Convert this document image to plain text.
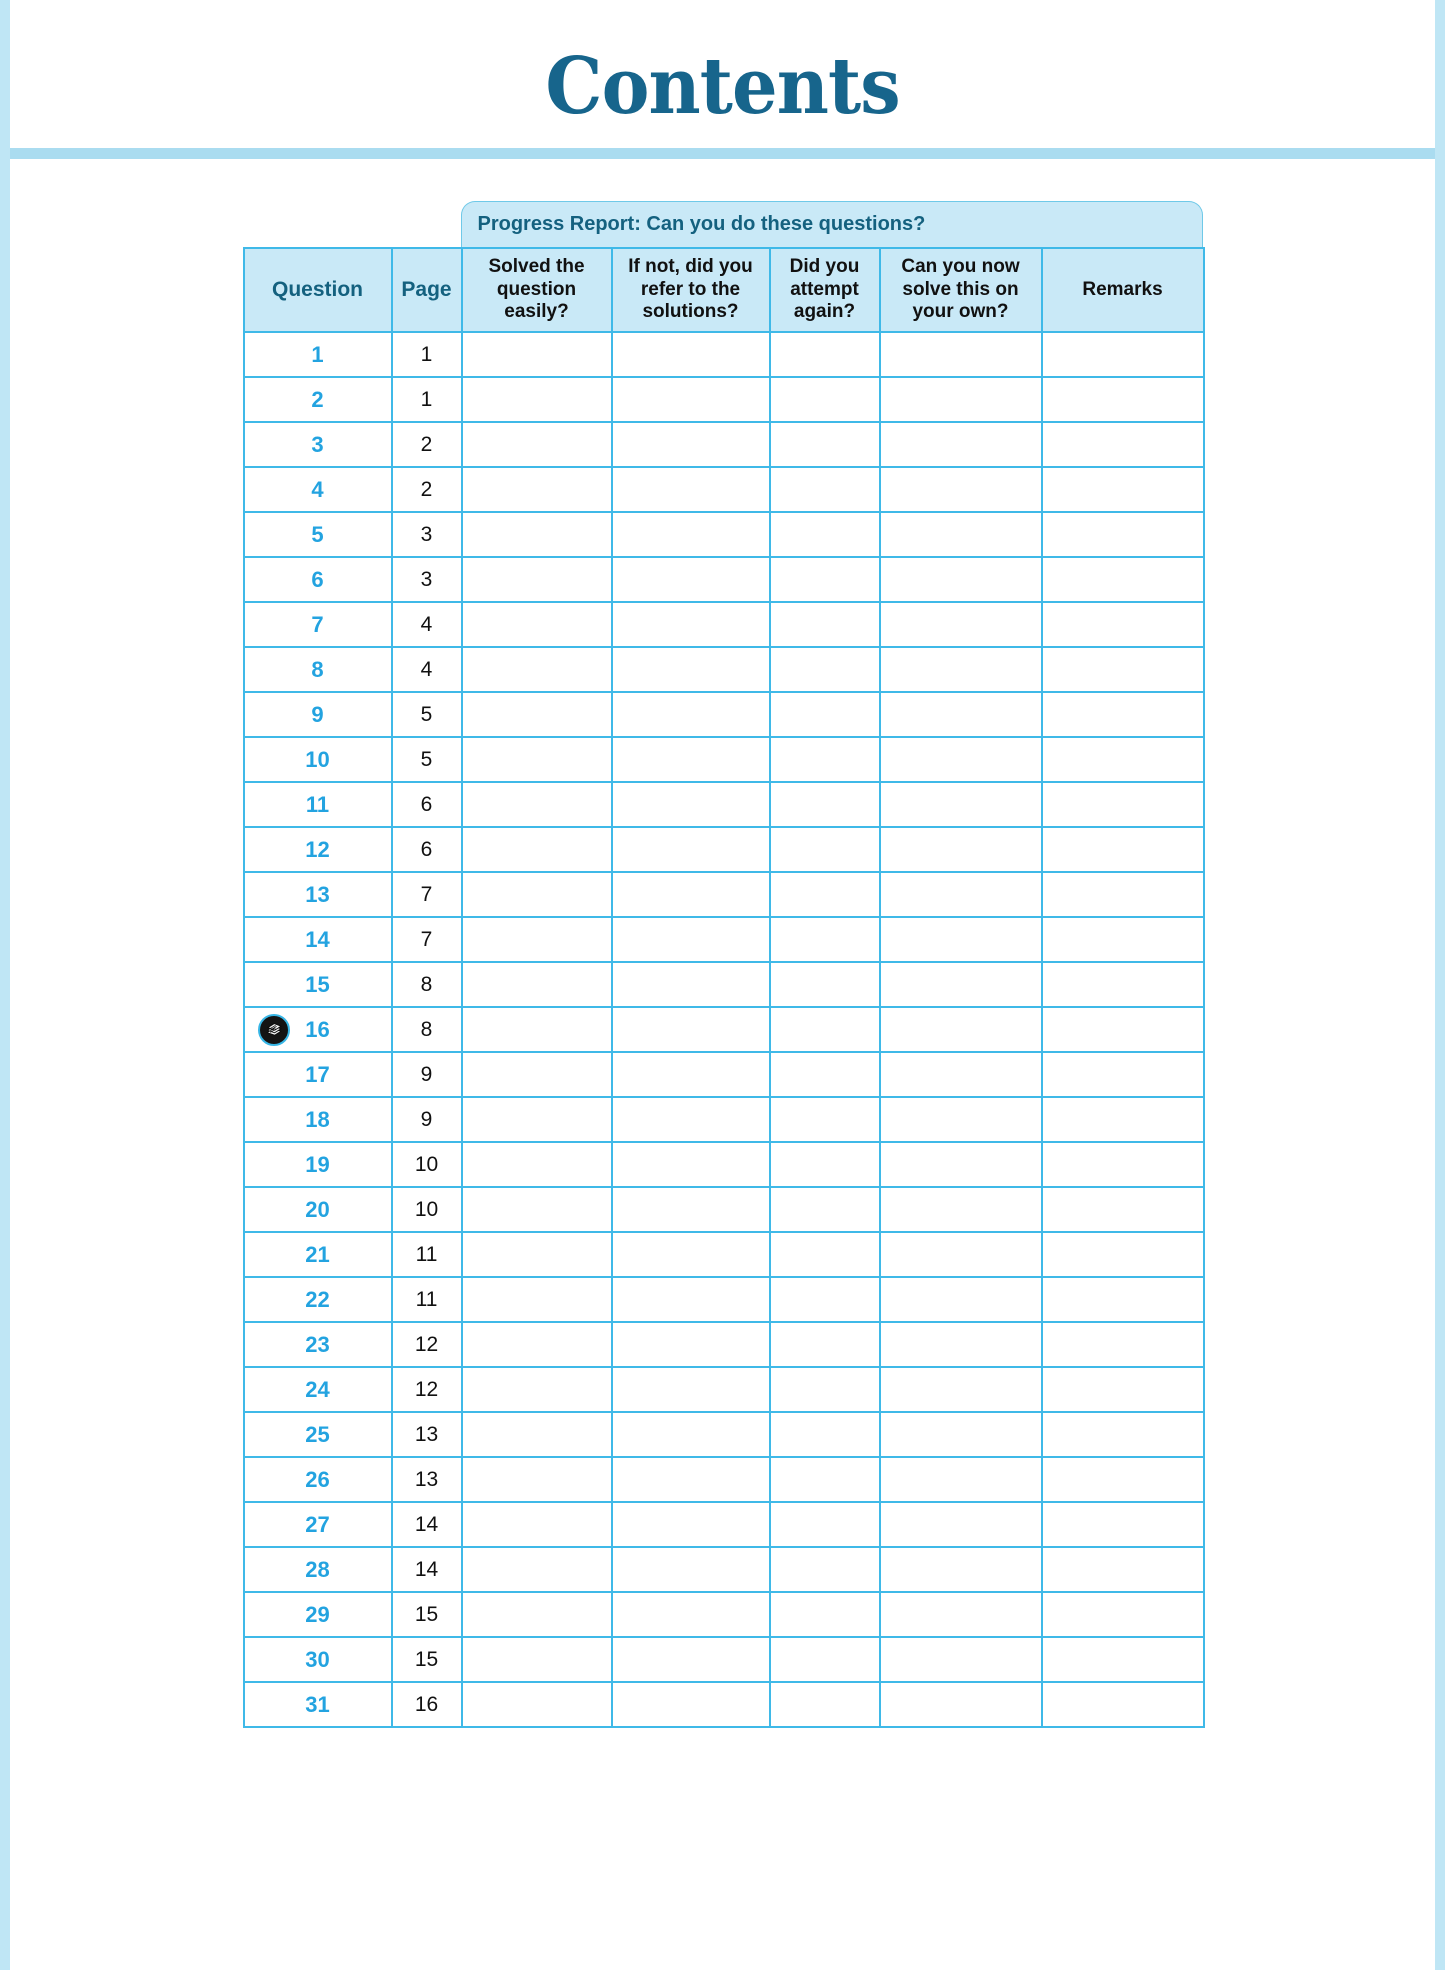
Contents
Progress Report: Can you do these questions?
Question	Page	Solved the question easily?	If not, did you refer to the solutions?	Did you attempt again?	Can you now solve this on your own?	Remarks
1	1					
2	1					
3	2					
4	2					
5	3					
6	3					
7	4					
8	4					
9	5					
10	5					
11	6					
12	6					
13	7					
14	7					
15	8					

16	8					
17	9					
18	9					
19	10					
20	10					
21	11					
22	11					
23	12					
24	12					
25	13					
26	13					
27	14					
28	14					
29	15					
30	15					
31	16					
